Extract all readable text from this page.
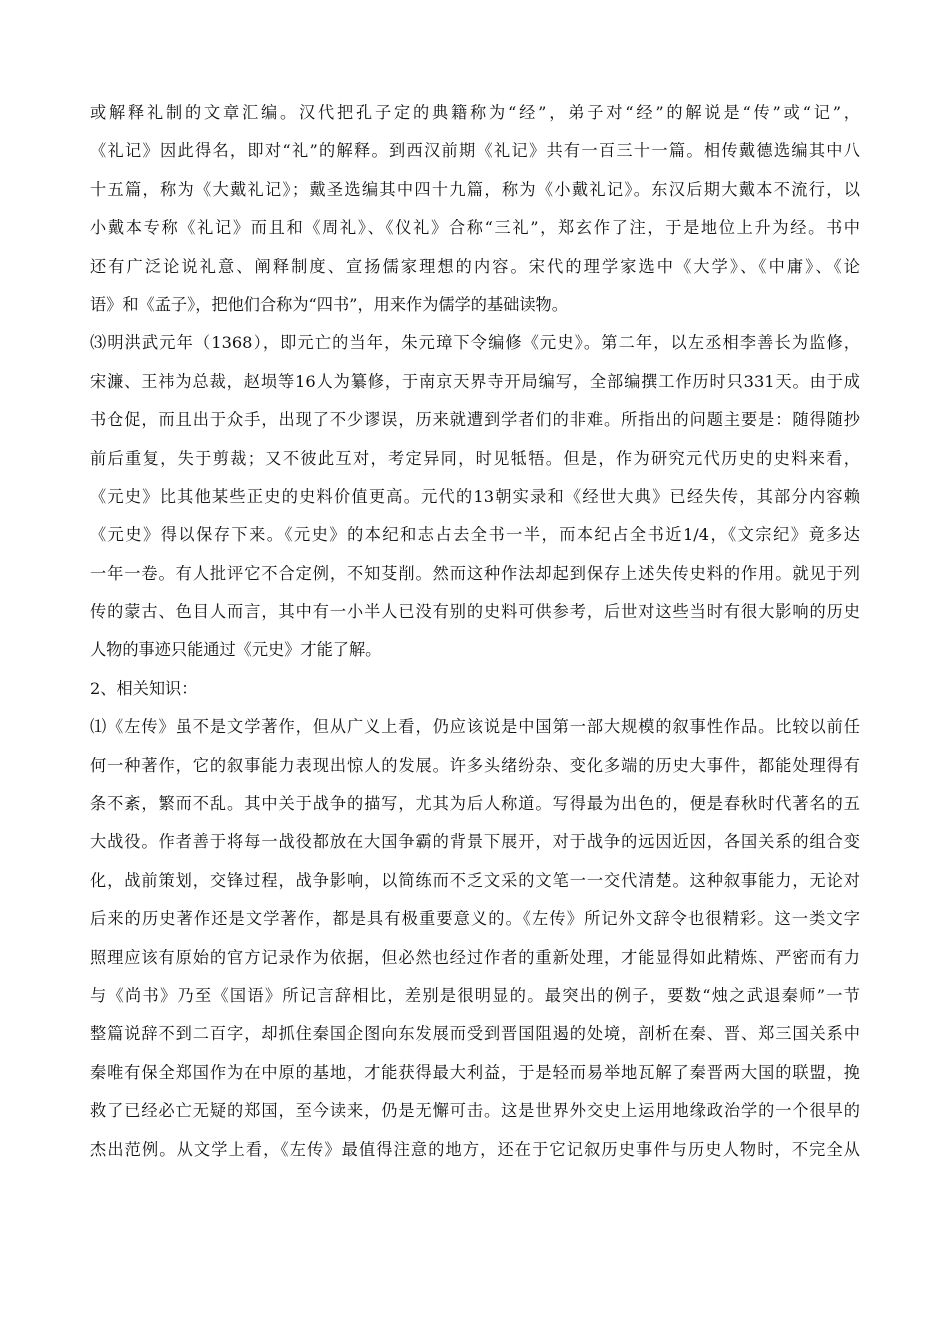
或解释礼制的文章汇编。汉代把孔子定的典籍称为“经”，弟子对“经”的解说是“传”或“记”，
《礼记》因此得名，即对“礼”的解释。到西汉前期《礼记》共有一百三十一篇。相传戴德选编其中八
十五篇，称为《大戴礼记》；戴圣选编其中四十九篇，称为《小戴礼记》。东汉后期大戴本不流行，以
小戴本专称《礼记》而且和《周礼》、《仪礼》合称“三礼”，郑玄作了注，于是地位上升为经。书中
还有广泛论说礼意、阐释制度、宣扬儒家理想的内容。宋代的理学家选中《大学》、《中庸》、《论
语》和《孟子》，把他们合称为“四书”，用来作为儒学的基础读物。
⑶明洪武元年（1368），即元亡的当年，朱元璋下令编修《元史》。第二年，以左丞相李善长为监修，
宋濂、王祎为总裁，赵埙等16人为纂修，于南京天界寺开局编写，全部编撰工作历时只331天。由于成
书仓促，而且出于众手，出现了不少谬误，历来就遭到学者们的非难。所指出的问题主要是：随得随抄
前后重复，失于剪裁；又不彼此互对，考定异同，时见牴牾。但是，作为研究元代历史的史料来看，
《元史》比其他某些正史的史料价值更高。元代的13朝实录和《经世大典》已经失传，其部分内容赖
《元史》得以保存下来。《元史》的本纪和志占去全书一半，而本纪占全书近1/4，《文宗纪》竟多达
一年一卷。有人批评它不合定例，不知芟削。然而这种作法却起到保存上述失传史料的作用。就见于列
传的蒙古、色目人而言，其中有一小半人已没有别的史料可供参考，后世对这些当时有很大影响的历史
人物的事迹只能通过《元史》才能了解。
2、相关知识：
⑴《左传》虽不是文学著作，但从广义上看，仍应该说是中国第一部大规模的叙事性作品。比较以前任
何一种著作，它的叙事能力表现出惊人的发展。许多头绪纷杂、变化多端的历史大事件，都能处理得有
条不紊，繁而不乱。其中关于战争的描写，尤其为后人称道。写得最为出色的，便是春秋时代著名的五
大战役。作者善于将每一战役都放在大国争霸的背景下展开，对于战争的远因近因，各国关系的组合变
化，战前策划，交锋过程，战争影响，以简练而不乏文采的文笔一一交代清楚。这种叙事能力，无论对
后来的历史著作还是文学著作，都是具有极重要意义的。《左传》所记外文辞令也很精彩。这一类文字
照理应该有原始的官方记录作为依据，但必然也经过作者的重新处理，才能显得如此精炼、严密而有力
与《尚书》乃至《国语》所记言辞相比，差别是很明显的。最突出的例子，要数“烛之武退秦师”一节
整篇说辞不到二百字，却抓住秦国企图向东发展而受到晋国阻遏的处境，剖析在秦、晋、郑三国关系中
秦唯有保全郑国作为在中原的基地，才能获得最大利益，于是轻而易举地瓦解了秦晋两大国的联盟，挽
救了已经必亡无疑的郑国，至今读来，仍是无懈可击。这是世界外交史上运用地缘政治学的一个很早的
杰出范例。从文学上看，《左传》最值得注意的地方，还在于它记叙历史事件与历史人物时，不完全从
